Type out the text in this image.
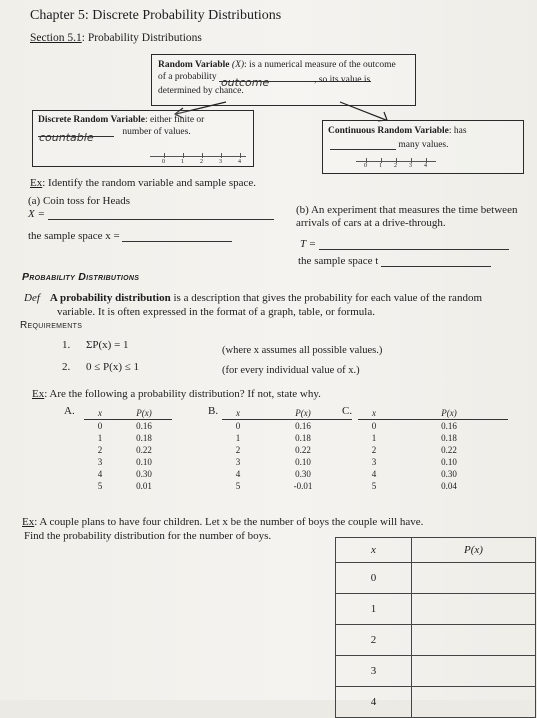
Chapter 5: Discrete Probability Distributions
Section 5.1: Probability Distributions
Random Variable (X): is a numerical measure of the outcome
of a probability outcome	, so its value is
determined by chance.
Discrete Random Variable: either finite or
countable	number of values.
0	1	2	3	4
Continuous Random Variable: has
many values.
0 1 2 3 4
Ex: Identify the random variable and sample space.
(a) Coin toss for Heads
X =
the sample space x =
(b) An experiment that measures the time between
arrivals of cars at a drive-through.
T =
the sample space t
Probability Distributions
Def A probability distribution is a description that gives the probability for each value of the random
variable. It is often expressed in the format of a graph, table, or formula.
Requirements
1. ΣP(x) = 1	(where x assumes all possible values.)
2. 0 ≤ P(x) ≤ 1	(for every individual value of x.)
Ex: Are the following a probability distribution? If not, state why.
A.	x	P(x)
0	0.16
1	0.18
2	0.22
3	0.10
4	0.30
5	0.01
B. x	P(x)
0	0.16
1	0.18
2	0.22
3	0.10
4	0.30
5	-0.01
C. x	P(x)
0	0.16
1	0.18
2	0.22
3	0.10
4	0.30
5	0.04
Ex: A couple plans to have four children. Let x be the number of boys the couple will have.
Find the probability distribution for the number of boys.
x	P(x)
0	
1	
2	
3	
4	
